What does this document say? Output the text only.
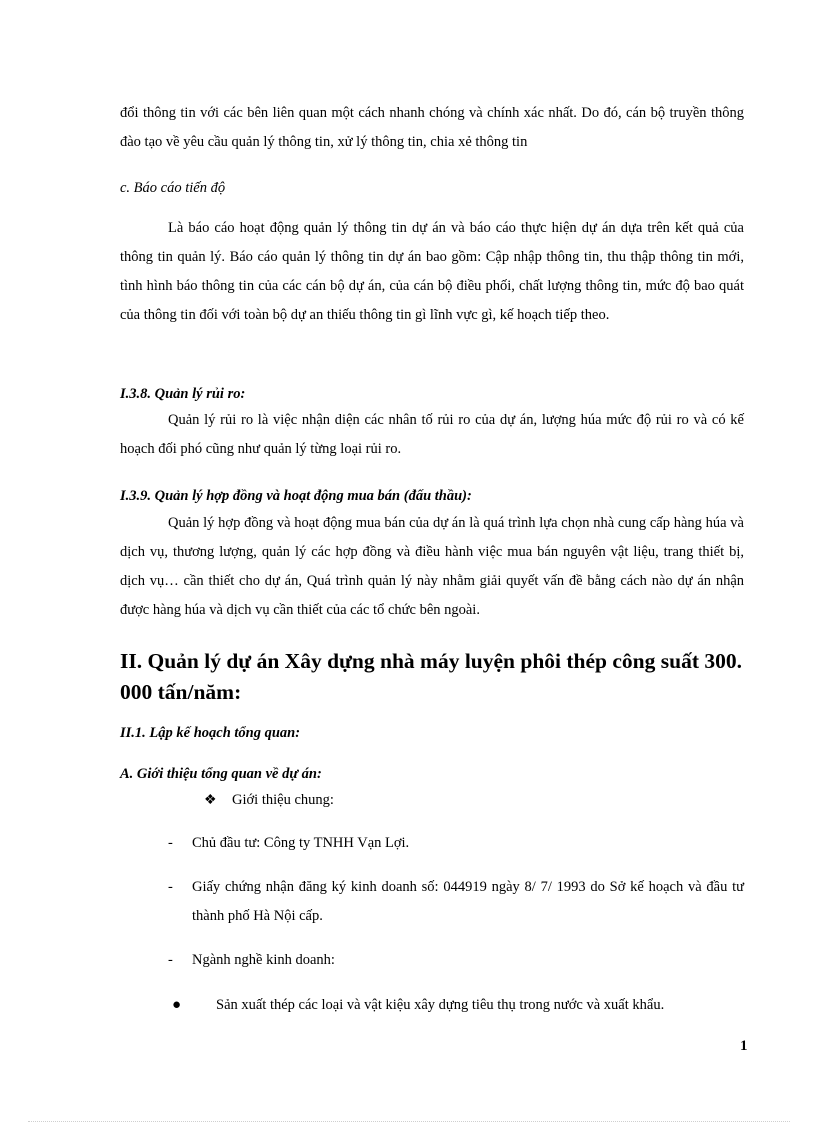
đổi thông tin với các bên liên quan một cách nhanh chóng và chính xác nhất. Do đó, cán bộ truyền thông đào tạo về yêu cầu quản lý thông tin, xử lý thông tin, chia xẻ thông tin
c. Báo cáo tiến độ
Là báo cáo hoạt động quản lý thông tin dự án và báo cáo thực hiện dự án dựa trên kết quả của thông tin quản lý. Báo cáo quản lý thông tin dự án bao gồm: Cập nhập thông tin, thu thập thông tin mới, tình hình báo thông tin của các cán bộ dự án, của cán bộ điều phối, chất lượng thông tin, mức độ bao quát của thông tin đối với toàn bộ dự an thiếu thông tin gì lĩnh vực gì, kế hoạch tiếp theo.
I.3.8. Quản lý rủi ro:
Quản lý rủi ro là việc nhận diện các nhân tố rủi ro của dự án, lượng húa mức độ rủi ro và có kế hoạch đối phó cũng như quản lý từng loại rủi ro.
I.3.9. Quản lý hợp đồng và hoạt động mua bán (đấu thầu):
Quản lý hợp đồng và hoạt động mua bán của dự án là quá trình lựa chọn nhà cung cấp hàng húa và dịch vụ, thương lượng, quản lý các hợp đồng và điều hành việc mua bán nguyên vật liệu, trang thiết bị, dịch vụ… cần thiết cho dự án, Quá trình quản lý này nhằm giải quyết vấn đề bằng cách nào dự án nhận được hàng húa và dịch vụ cần thiết của các tổ chức bên ngoài.
II. Quản lý dự án Xây dựng nhà máy luyện phôi thép công suất 300. 000 tấn/năm:
II.1. Lập kế hoạch tổng quan:
A. Giới thiệu tổng quan về dự án:
❖ Giới thiệu chung:
- Chủ đầu tư: Công ty TNHH Vạn Lợi.
- Giấy chứng nhận đăng ký kinh doanh số: 044919 ngày 8/ 7/ 1993 do Sở kế hoạch và đầu tư thành phố Hà Nội cấp.
- Ngành nghề kinh doanh:
● Sản xuất thép các loại và vật kiệu xây dựng tiêu thụ trong nước và xuất khẩu.
1
